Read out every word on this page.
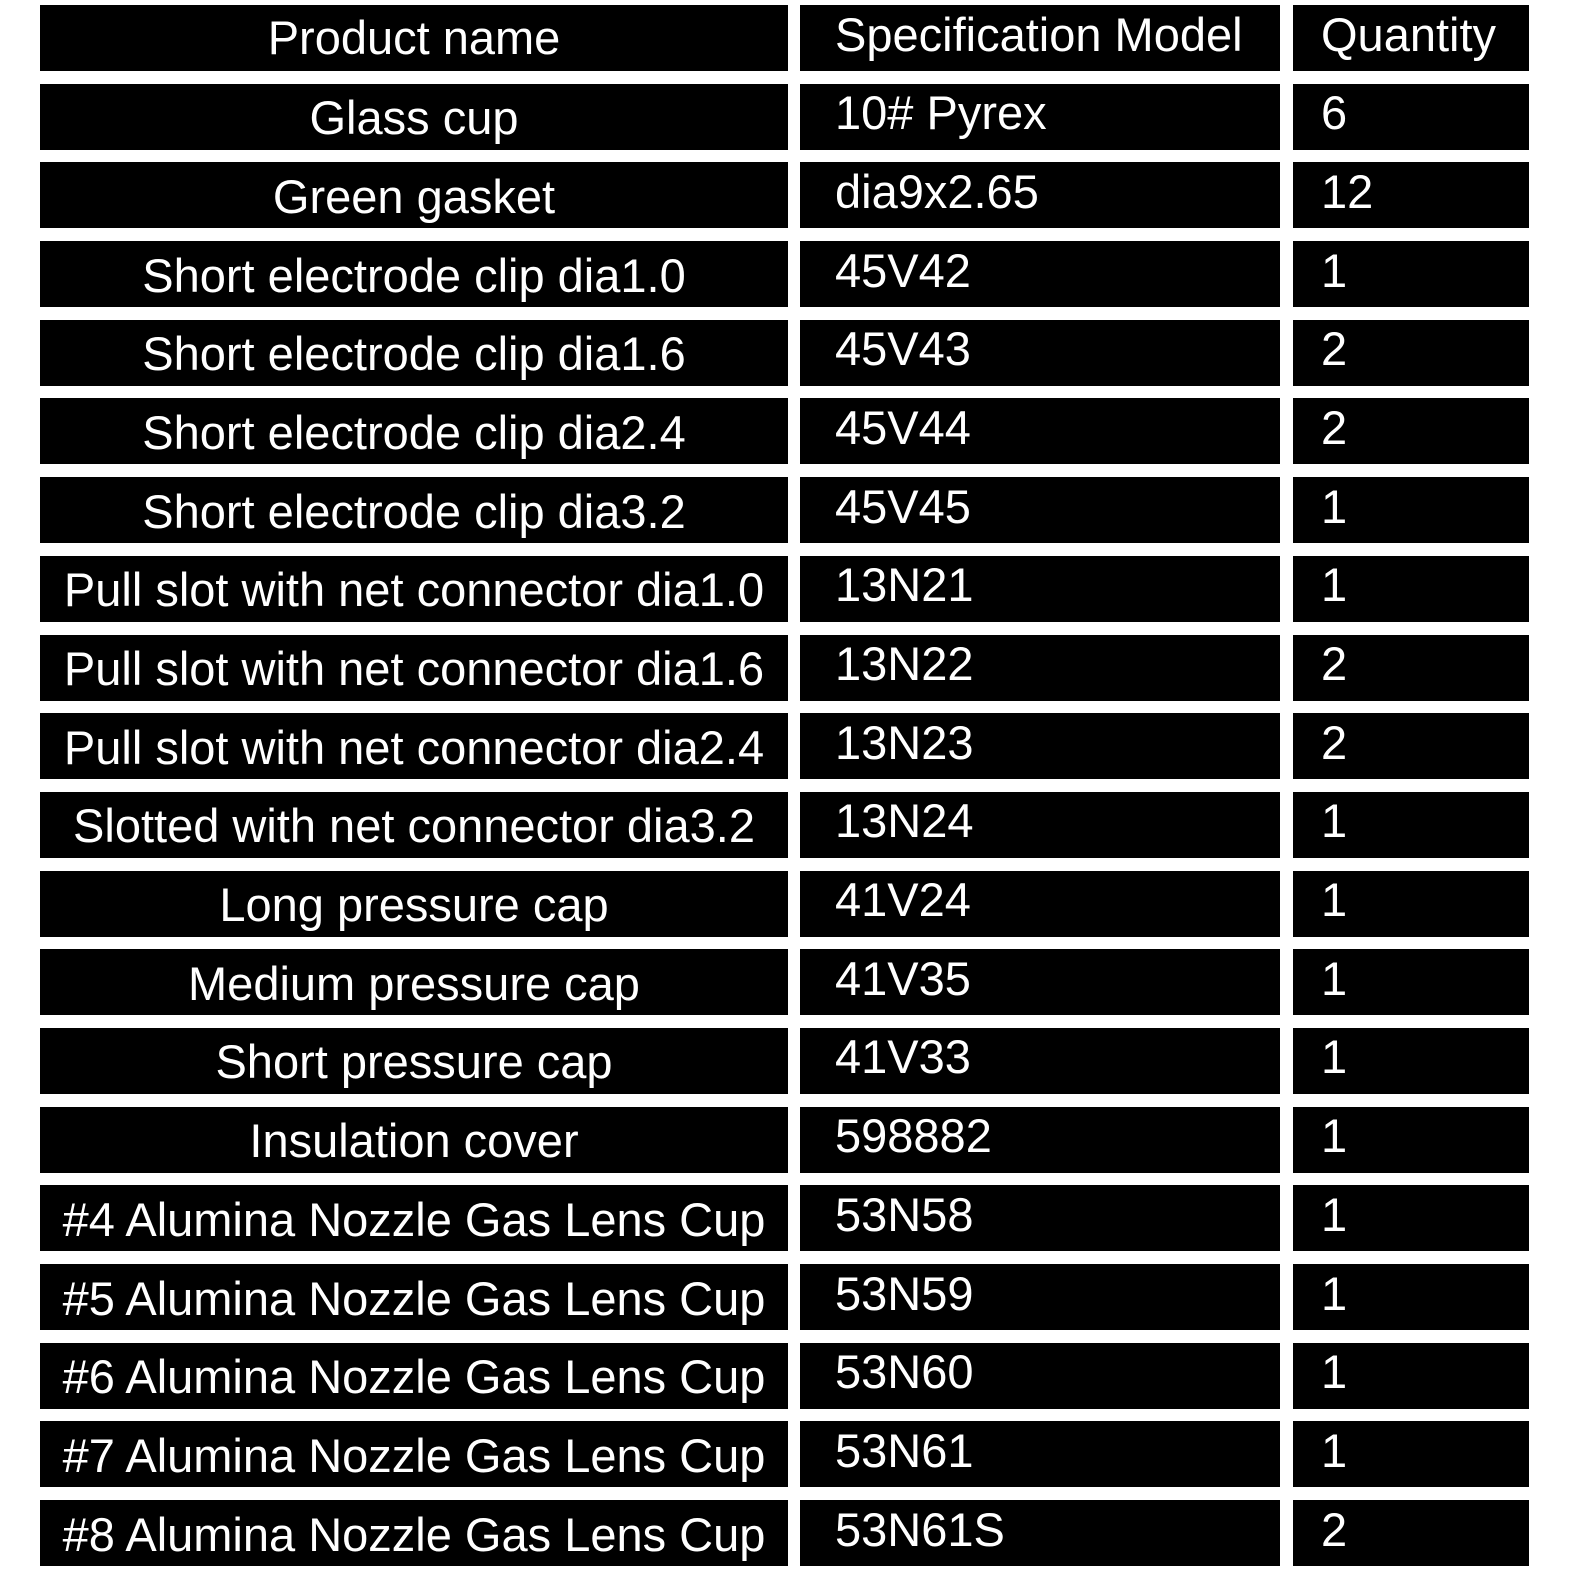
Product name	Specification Model	Quantity
Glass cup	10# Pyrex	6
Green gasket	dia9x2.65	12
Short electrode clip dia1.0	45V42	1
Short electrode clip dia1.6	45V43	2
Short electrode clip dia2.4	45V44	2
Short electrode clip dia3.2	45V45	1
Pull slot with net connector dia1.0	13N21	1
Pull slot with net connector dia1.6	13N22	2
Pull slot with net connector dia2.4	13N23	2
Slotted with net connector dia3.2	13N24	1
Long pressure cap	41V24	1
Medium pressure cap	41V35	1
Short pressure cap	41V33	1
Insulation cover	598882	1
#4 Alumina Nozzle Gas Lens Cup	53N58	1
#5 Alumina Nozzle Gas Lens Cup	53N59	1
#6 Alumina Nozzle Gas Lens Cup	53N60	1
#7 Alumina Nozzle Gas Lens Cup	53N61	1
#8 Alumina Nozzle Gas Lens Cup	53N61S	2
